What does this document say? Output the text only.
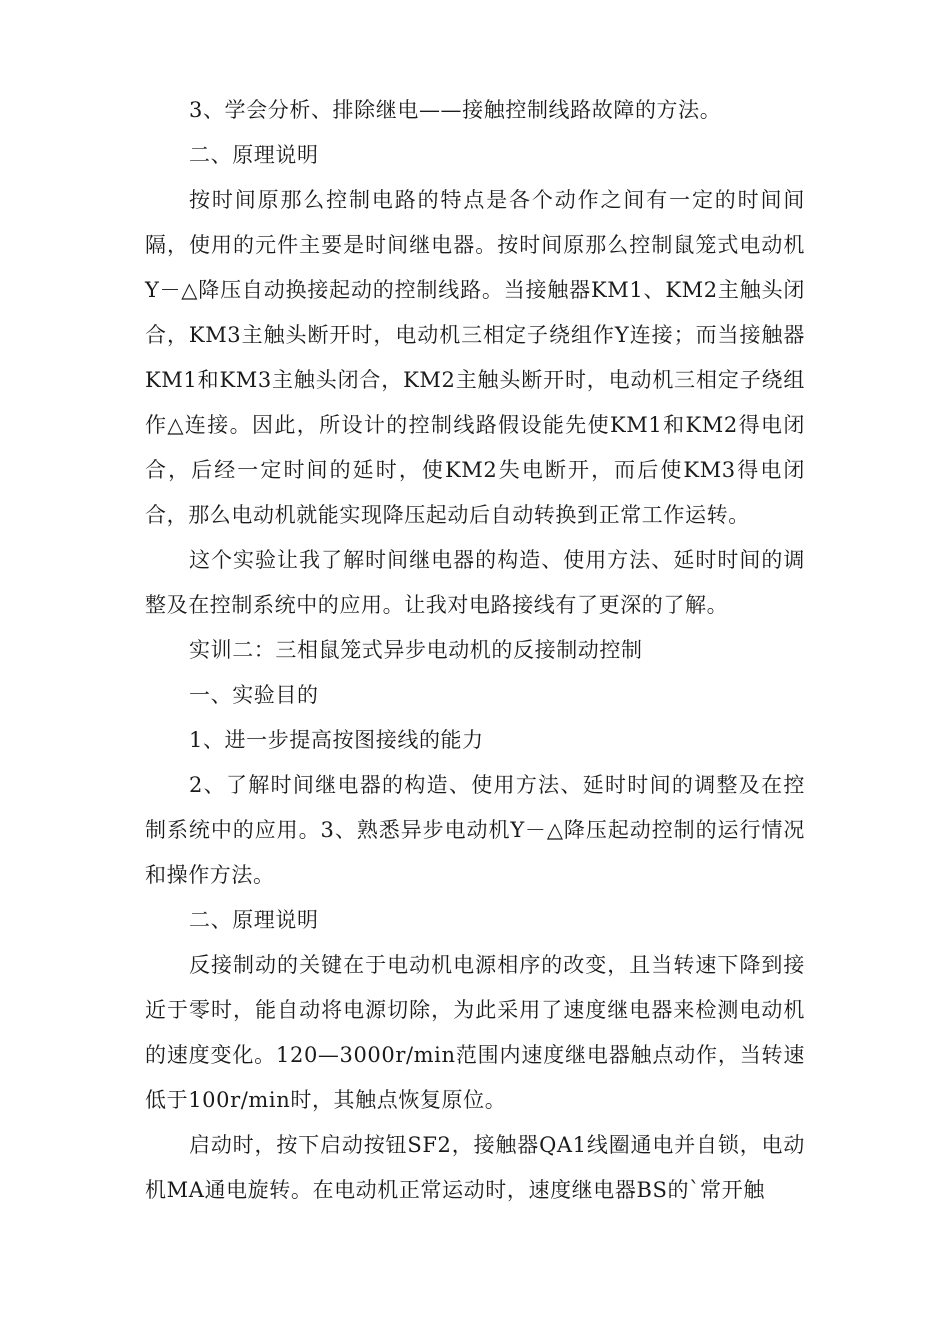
3、学会分析、排除继电——接触控制线路故障的方法。

二、原理说明

按时间原那么控制电路的特点是各个动作之间有一定的时间间隔，使用的元件主要是时间继电器。按时间原那么控制鼠笼式电动机Y－△降压自动换接起动的控制线路。当接触器KM1、KM2主触头闭合，KM3主触头断开时，电动机三相定子绕组作Y连接；而当接触器KM1和KM3主触头闭合，KM2主触头断开时，电动机三相定子绕组作△连接。因此，所设计的控制线路假设能先使KM1和KM2得电闭合，后经一定时间的延时，使KM2失电断开，而后使KM3得电闭合，那么电动机就能实现降压起动后自动转换到正常工作运转。

这个实验让我了解时间继电器的构造、使用方法、延时时间的调整及在控制系统中的应用。让我对电路接线有了更深的了解。

实训二：三相鼠笼式异步电动机的反接制动控制

一、实验目的

1、进一步提高按图接线的能力

2、了解时间继电器的构造、使用方法、延时时间的调整及在控制系统中的应用。3、熟悉异步电动机Y－△降压起动控制的运行情况和操作方法。

二、原理说明

反接制动的关键在于电动机电源相序的改变，且当转速下降到接近于零时，能自动将电源切除，为此采用了速度继电器来检测电动机的速度变化。120—3000r/min范围内速度继电器触点动作，当转速低于100r/min时，其触点恢复原位。

启动时，按下启动按钮SF2，接触器QA1线圈通电并自锁，电动机MA通电旋转。在电动机正常运动时，速度继电器BS的`常开触
